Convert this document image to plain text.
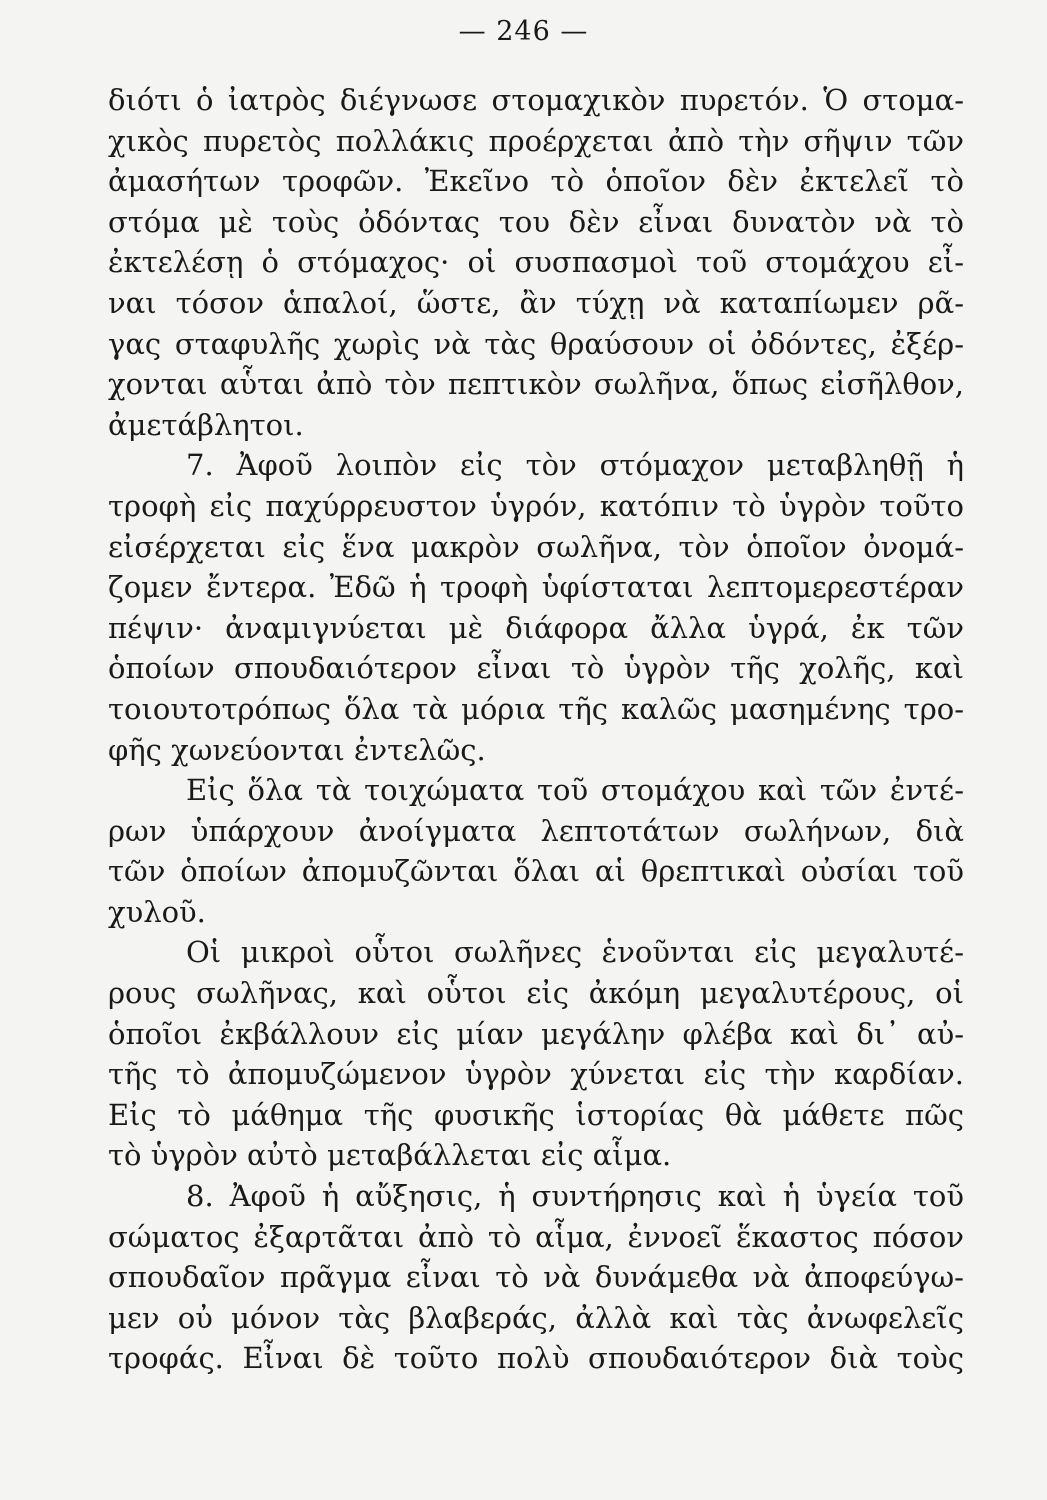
— 246 —
διότι ὁ ἰατρὸς διέγνωσε στομαχικὸν πυρετόν. Ὁ στομα-
χικὸς πυρετὸς πολλάκις προέρχεται ἀπὸ τὴν σῆψιν τῶν
ἀμασήτων τροφῶν. Ἐκεῖνο τὸ ὁποῖον δὲν ἐκτελεῖ τὸ
στόμα μὲ τοὺς ὀδόντας του δὲν εἶναι δυνατὸν νὰ τὸ
ἐκτελέσῃ ὁ στόμαχος· οἱ συσπασμοὶ τοῦ στομάχου εἶ-
ναι τόσον ἁπαλοί, ὥστε, ἂν τύχῃ νὰ καταπίωμεν ρᾶ-
γας σταφυλῆς χωρὶς νὰ τὰς θραύσουν οἱ ὀδόντες, ἐξέρ-
χονται αὗται ἀπὸ τὸν πεπτικὸν σωλῆνα, ὅπως εἰσῆλθον,
ἀμετάβλητοι.
7. Ἀφοῦ λοιπὸν εἰς τὸν στόμαχον μεταβληθῇ ἡ
τροφὴ εἰς παχύρρευστον ὑγρόν, κατόπιν τὸ ὑγρὸν τοῦτο
εἰσέρχεται εἰς ἕνα μακρὸν σωλῆνα, τὸν ὁποῖον ὀνομά-
ζομεν ἔντερα. Ἐδῶ ἡ τροφὴ ὑφίσταται λεπτομερεστέραν
πέψιν· ἀναμιγνύεται μὲ διάφορα ἄλλα ὑγρά, ἐκ τῶν
ὁποίων σπουδαιότερον εἶναι τὸ ὑγρὸν τῆς χολῆς, καὶ
τοιουτοτρόπως ὅλα τὰ μόρια τῆς καλῶς μασημένης τρο-
φῆς χωνεύονται ἐντελῶς.
Εἰς ὅλα τὰ τοιχώματα τοῦ στομάχου καὶ τῶν ἐντέ-
ρων ὑπάρχουν ἀνοίγματα λεπτοτάτων σωλήνων, διὰ
τῶν ὁποίων ἀπομυζῶνται ὅλαι αἱ θρεπτικαὶ οὐσίαι τοῦ
χυλοῦ.
Οἱ μικροὶ οὗτοι σωλῆνες ἑνοῦνται εἰς μεγαλυτέ-
ρους σωλῆνας, καὶ οὗτοι εἰς ἀκόμη μεγαλυτέρους, οἱ
ὁποῖοι ἐκβάλλουν εἰς μίαν μεγάλην φλέβα καὶ δι᾽ αὐ-
τῆς τὸ ἀπομυζώμενον ὑγρὸν χύνεται εἰς τὴν καρδίαν.
Εἰς τὸ μάθημα τῆς φυσικῆς ἱστορίας θὰ μάθετε πῶς
τὸ ὑγρὸν αὐτὸ μεταβάλλεται εἰς αἷμα.
8. Ἀφοῦ ἡ αὔξησις, ἡ συντήρησις καὶ ἡ ὑγεία τοῦ
σώματος ἐξαρτᾶται ἀπὸ τὸ αἷμα, ἐννοεῖ ἕκαστος πόσον
σπουδαῖον πρᾶγμα εἶναι τὸ νὰ δυνάμεθα νὰ ἀποφεύγω-
μεν οὐ μόνον τὰς βλαβεράς, ἀλλὰ καὶ τὰς ἀνωφελεῖς
τροφάς. Εἶναι δὲ τοῦτο πολὺ σπουδαιότερον διὰ τοὺς
